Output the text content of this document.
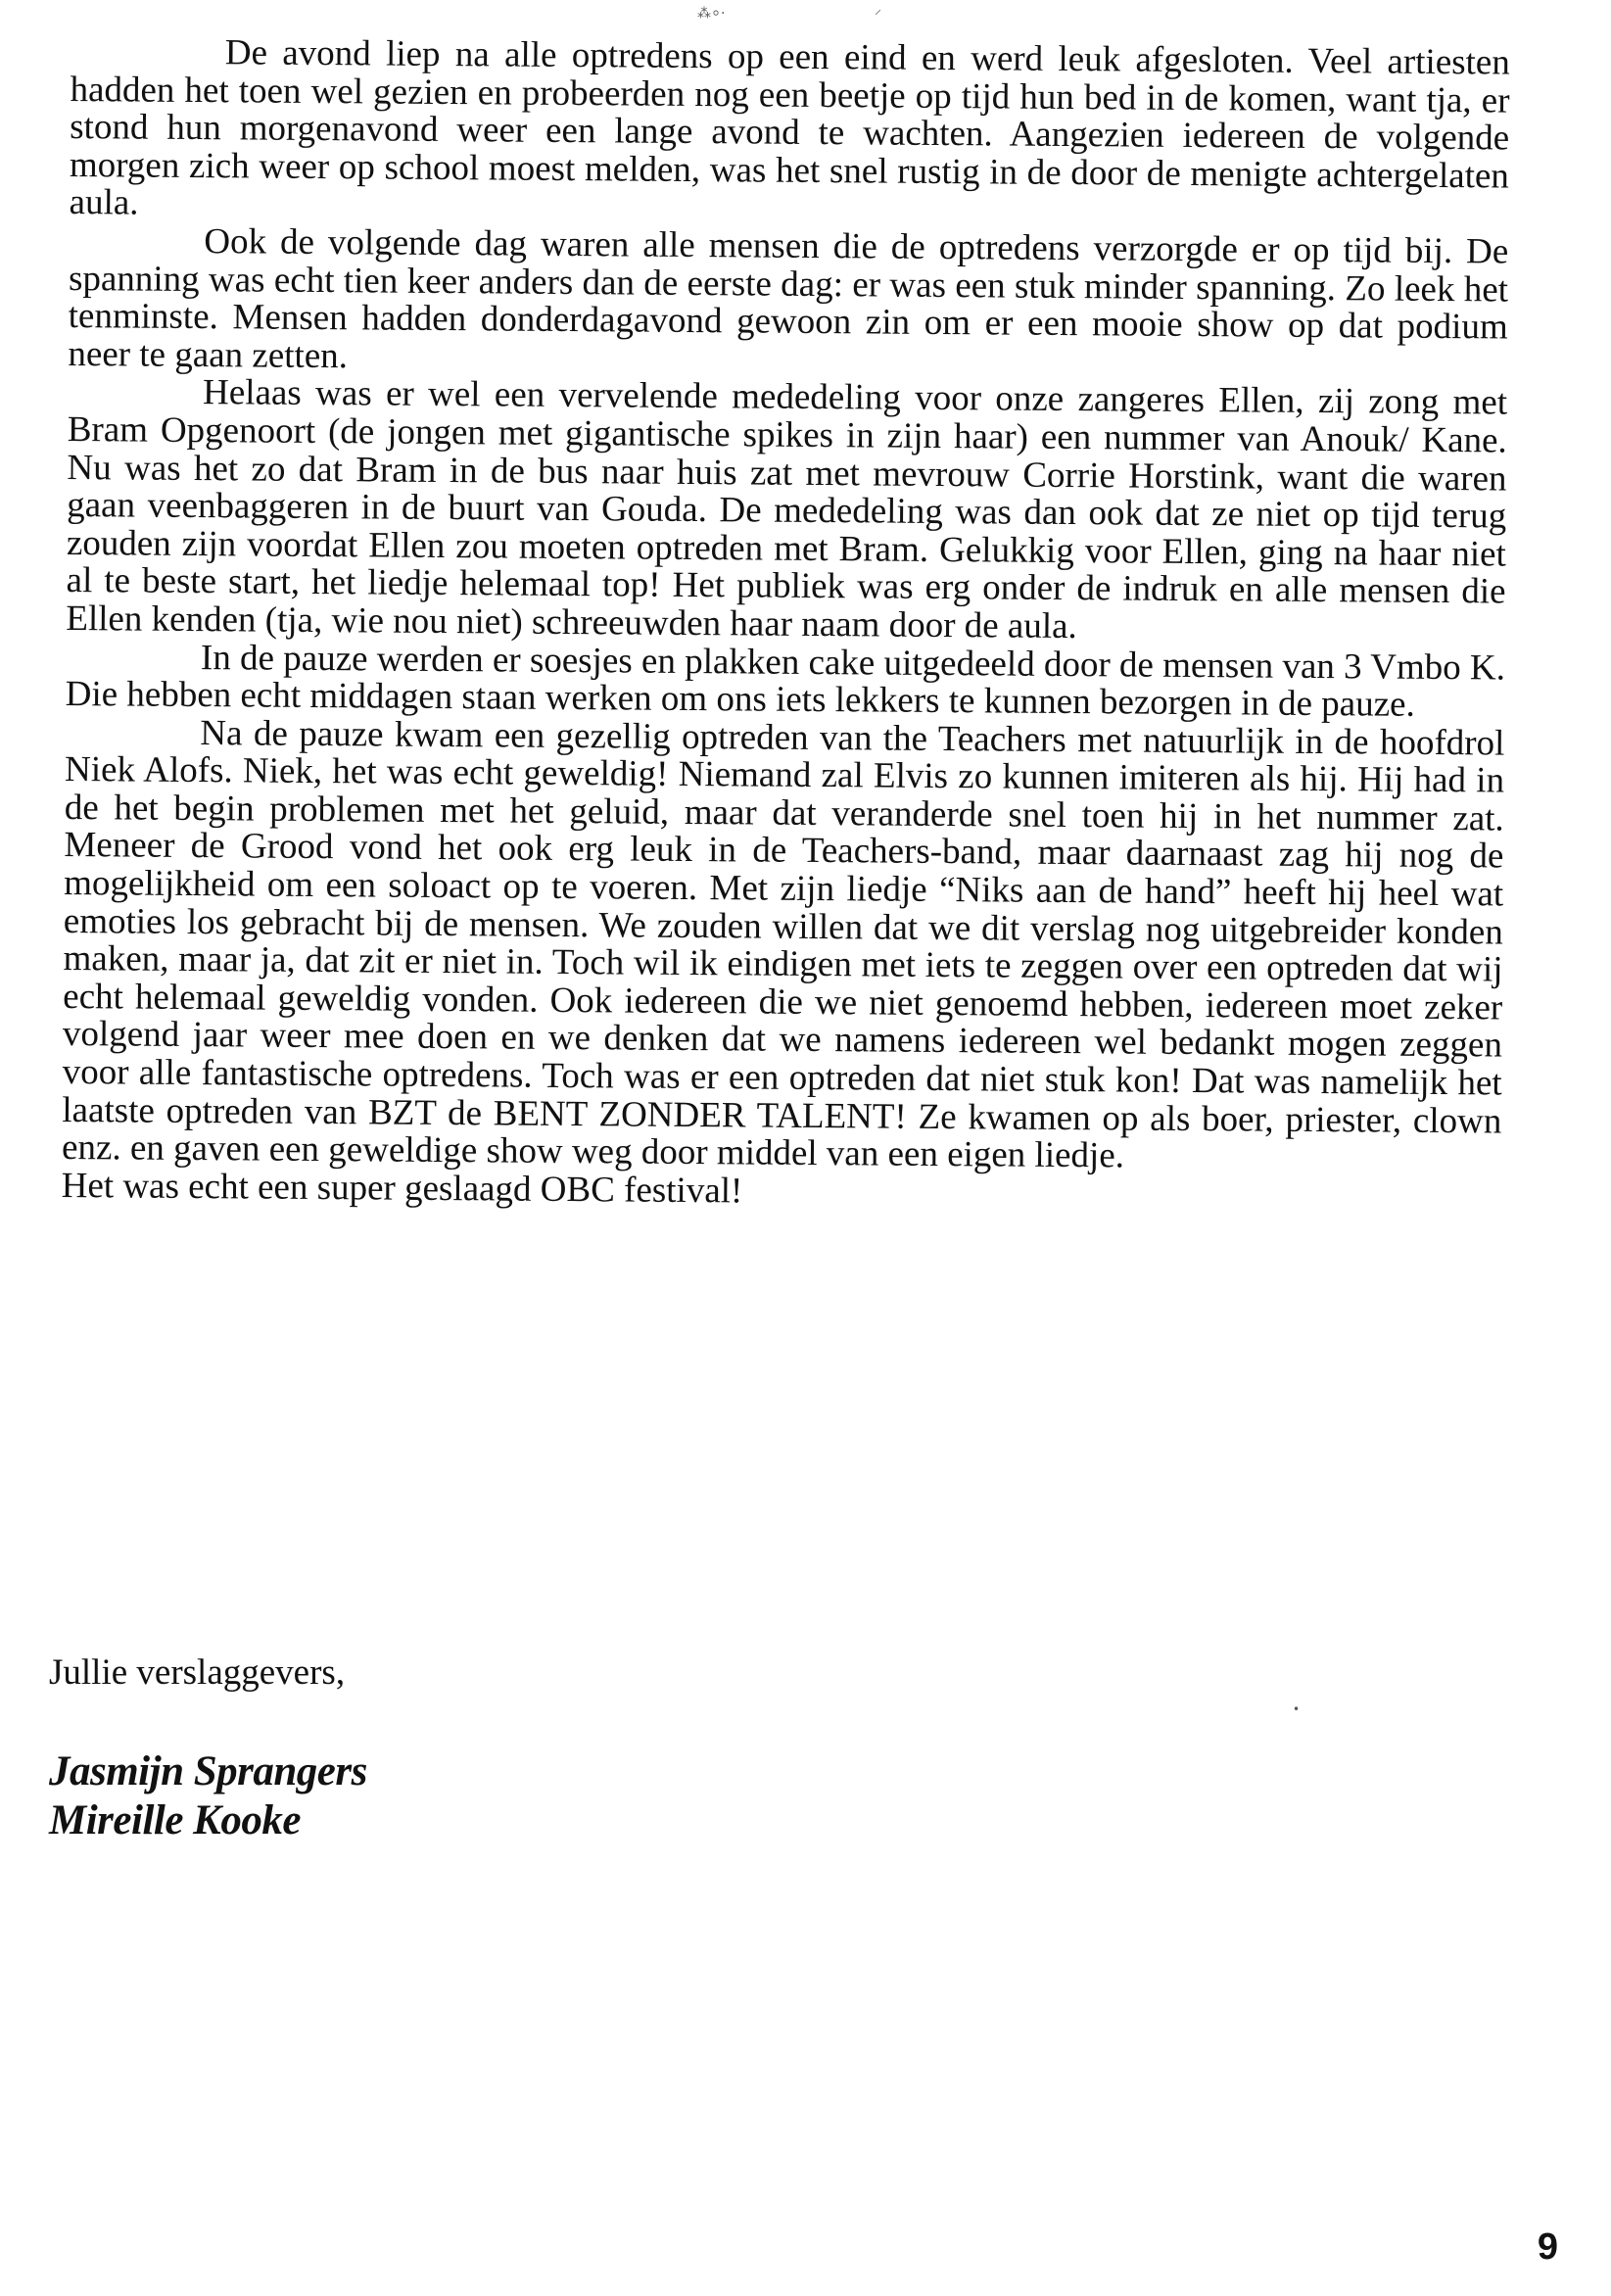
⁂⸰·	⸝
•

De avond liep na alle optredens op een eind en werd leuk afgesloten. Veel artiesten hadden het toen wel gezien en probeerden nog een beetje op tijd hun bed in de komen, want tja, er stond hun morgenavond weer een lange avond te wachten. Aangezien iedereen de volgende morgen zich weer op school moest melden, was het snel rustig in de door de menigte achtergelaten aula.

Ook de volgende dag waren alle mensen die de optredens verzorgde er op tijd bij. De spanning was echt tien keer anders dan de eerste dag: er was een stuk minder spanning. Zo leek het tenminste. Mensen hadden donderdagavond gewoon zin om er een mooie show op dat podium neer te gaan zetten.

Helaas was er wel een vervelende mededeling voor onze zangeres Ellen, zij zong met Bram Opgenoort (de jongen met gigantische spikes in zijn haar) een nummer van Anouk/ Kane. Nu was het zo dat Bram in de bus naar huis zat met mevrouw Corrie Horstink, want die waren gaan veenbaggeren in de buurt van Gouda. De mededeling was dan ook dat ze niet op tijd terug zouden zijn voordat Ellen zou moeten optreden met Bram. Gelukkig voor Ellen, ging na haar niet al te beste start, het liedje helemaal top! Het publiek was erg onder de indruk en alle mensen die Ellen kenden (tja, wie nou niet) schreeuwden haar naam door de aula.

In de pauze werden er soesjes en plakken cake uitgedeeld door de mensen van 3 Vmbo K. Die hebben echt middagen staan werken om ons iets lekkers te kunnen bezorgen in de pauze.

Na de pauze kwam een gezellig optreden van the Teachers met natuurlijk in de hoofdrol Niek Alofs. Niek, het was echt geweldig! Niemand zal Elvis zo kunnen imiteren als hij. Hij had in de het begin problemen met het geluid, maar dat veranderde snel toen hij in het nummer zat. Meneer de Grood vond het ook erg leuk in de Teachers-band, maar daarnaast zag hij nog de mogelijkheid om een soloact op te voeren. Met zijn liedje “Niks aan de hand” heeft hij heel wat emoties los gebracht bij de mensen. We zouden willen dat we dit verslag nog uitgebreider konden maken, maar ja, dat zit er niet in. Toch wil ik eindigen met iets te zeggen over een optreden dat wij echt helemaal geweldig vonden. Ook iedereen die we niet genoemd hebben, iedereen moet zeker volgend jaar weer mee doen en we denken dat we namens iedereen wel bedankt mogen zeggen voor alle fantastische optredens. Toch was er een optreden dat niet stuk kon! Dat was namelijk het laatste optreden van BZT de BENT ZONDER TALENT! Ze kwamen op als boer, priester, clown enz. en gaven een geweldige show weg door middel van een eigen liedje.

Het was echt een super geslaagd OBC festival!

Jullie verslaggevers,

Jasmijn Sprangers
Mireille Kooke
9
